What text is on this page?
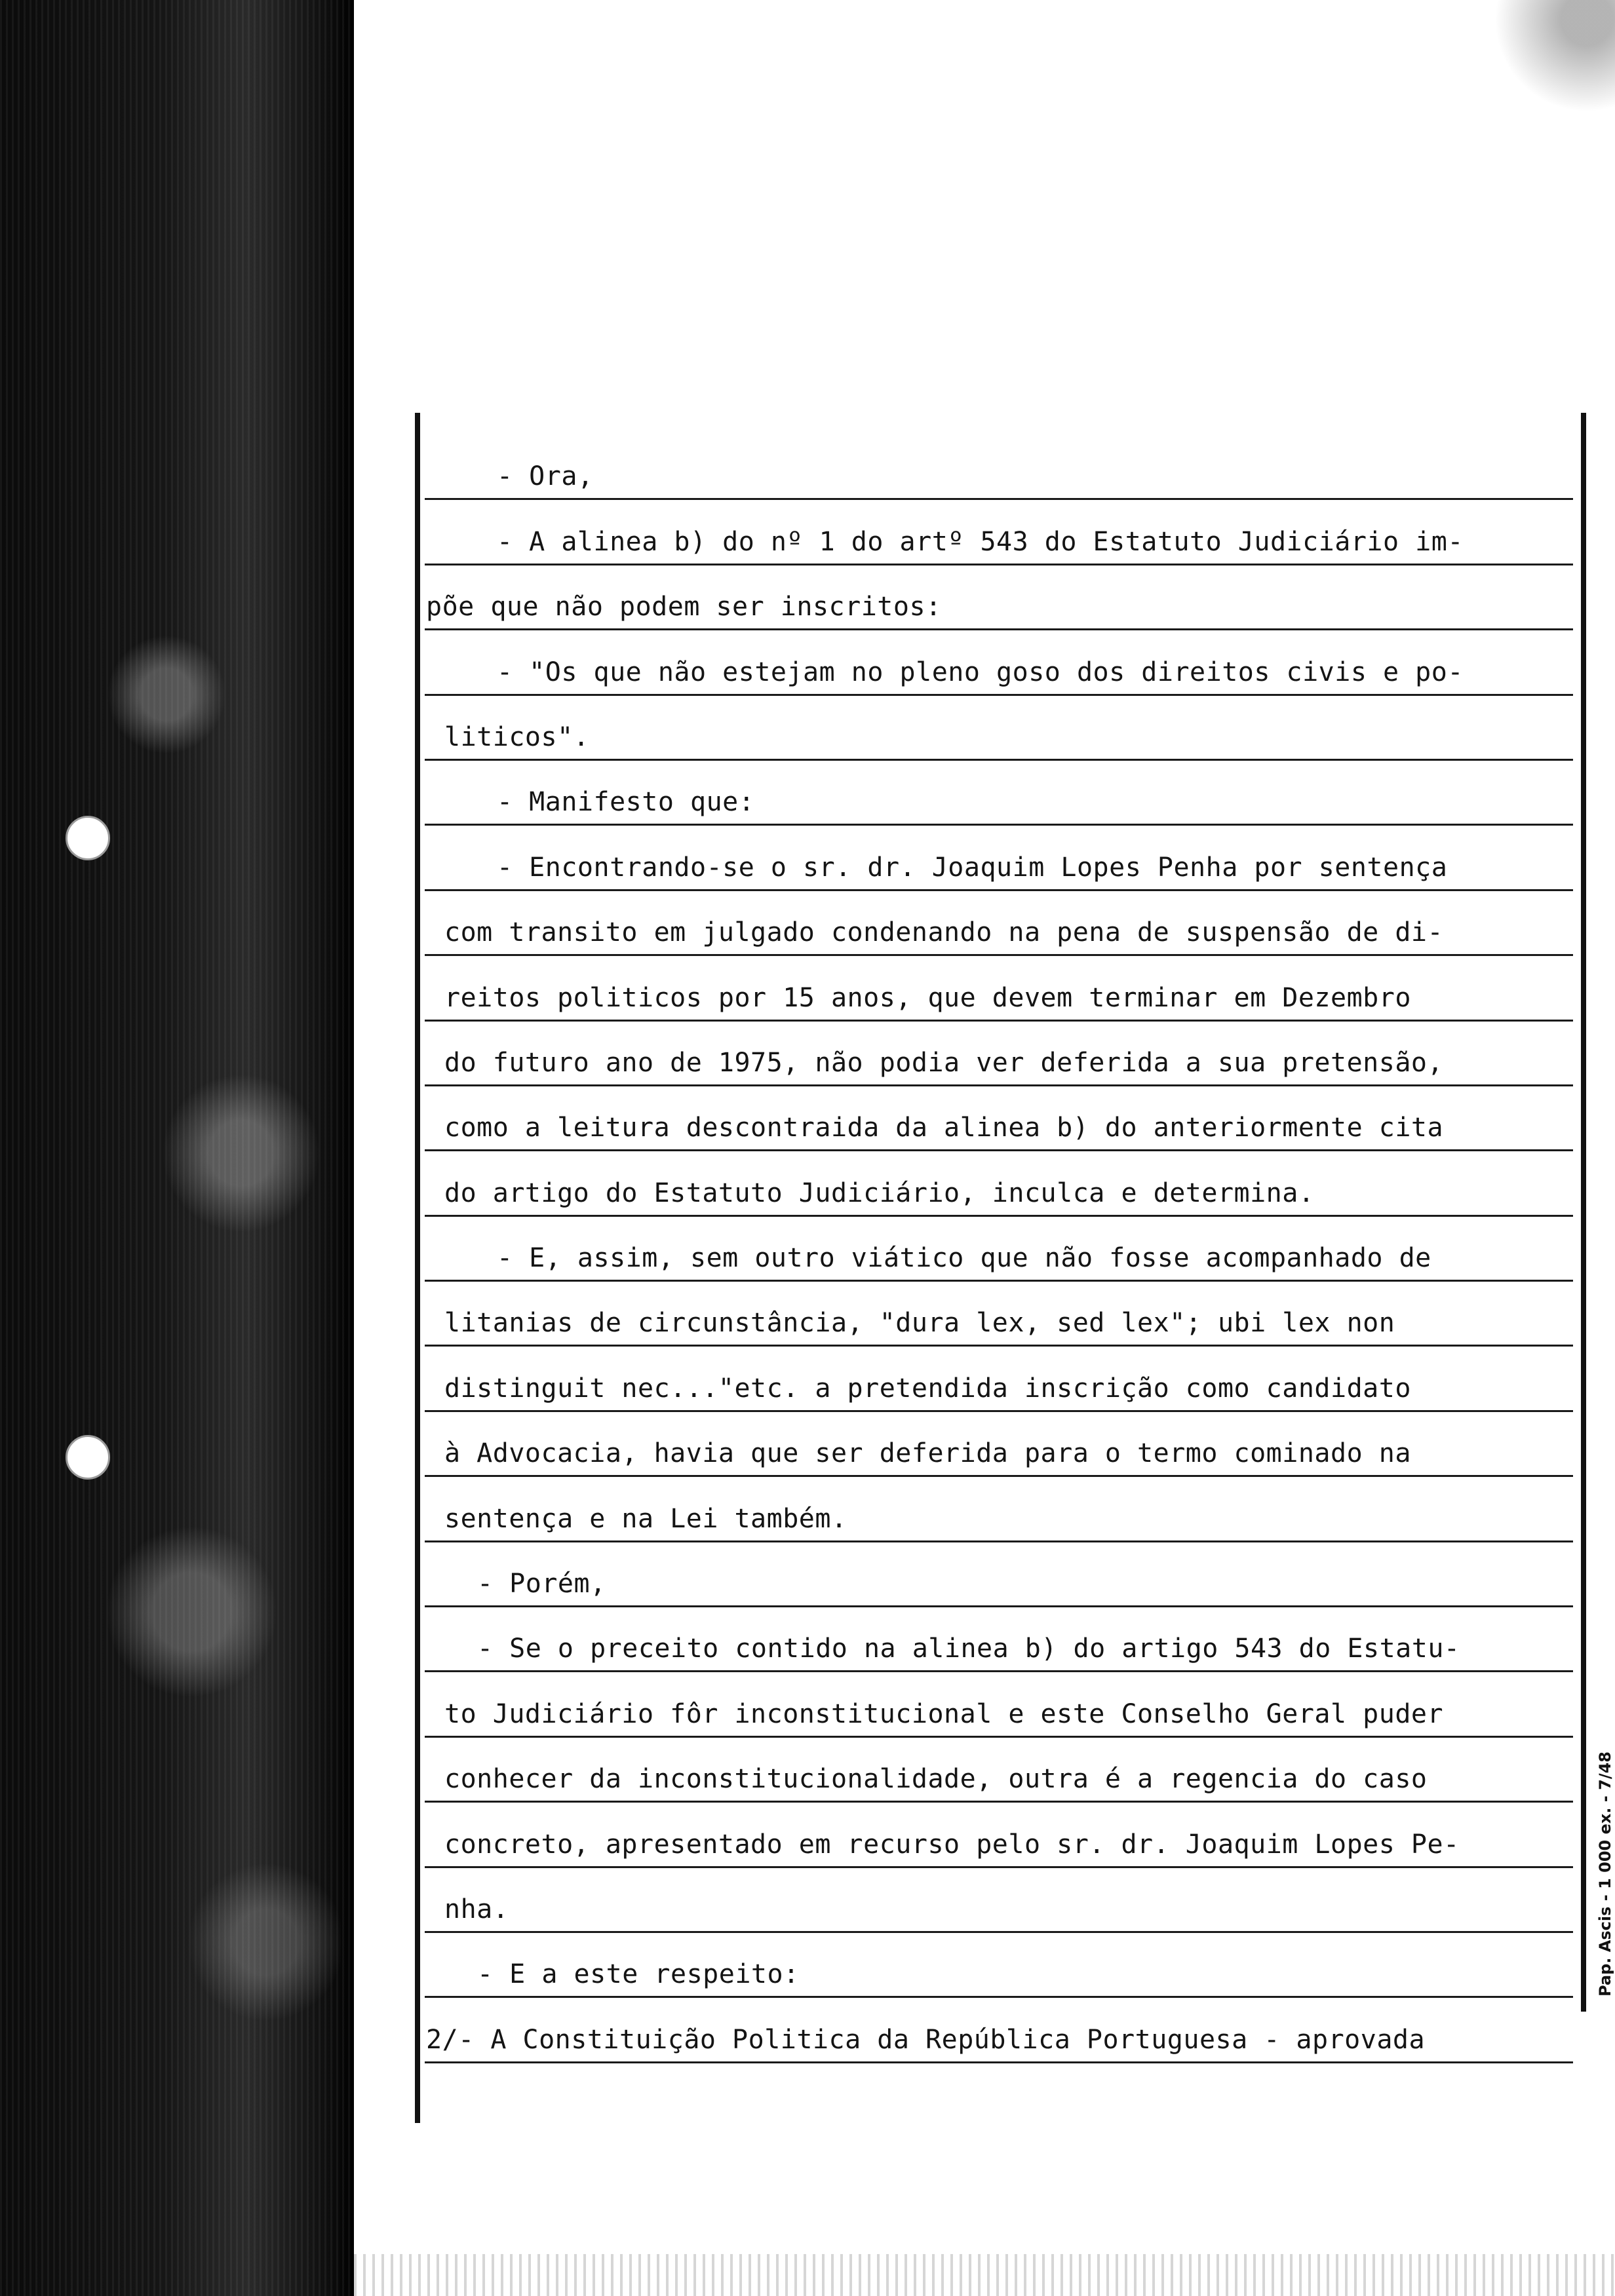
- Ora,
- A alinea b) do nº 1 do artº 543 do Estatuto Judiciário im-
põe que não podem ser inscritos:
- "Os que não estejam no pleno goso dos direitos civis e po-
liticos".
- Manifesto que:
- Encontrando-se o sr. dr. Joaquim Lopes Penha por sentença
com transito em julgado condenando na pena de suspensão de di-
reitos politicos por 15 anos, que devem terminar em Dezembro
do futuro ano de 1975, não podia ver deferida a sua pretensão,
como a leitura descontraida da alinea b) do anteriormente cita
do artigo do Estatuto Judiciário, inculca e determina.
- E, assim, sem outro viático que não fosse acompanhado de
litanias de circunstância, "dura lex, sed lex"; ubi lex non
distinguit nec..."etc. a pretendida inscrição como candidato
à Advocacia, havia que ser deferida para o termo cominado na
sentença e na Lei também.
- Porém,
- Se o preceito contido na alinea b) do artigo 543 do Estatu-
to Judiciário fôr inconstitucional e este Conselho Geral puder
conhecer da inconstitucionalidade, outra é a regencia do caso
concreto, apresentado em recurso pelo sr. dr. Joaquim Lopes Pe-
nha.
- E a este respeito:
2/- A Constituição Politica da República Portuguesa - aprovada
Pap. Ascis - 1 000 ex. - 7/48
